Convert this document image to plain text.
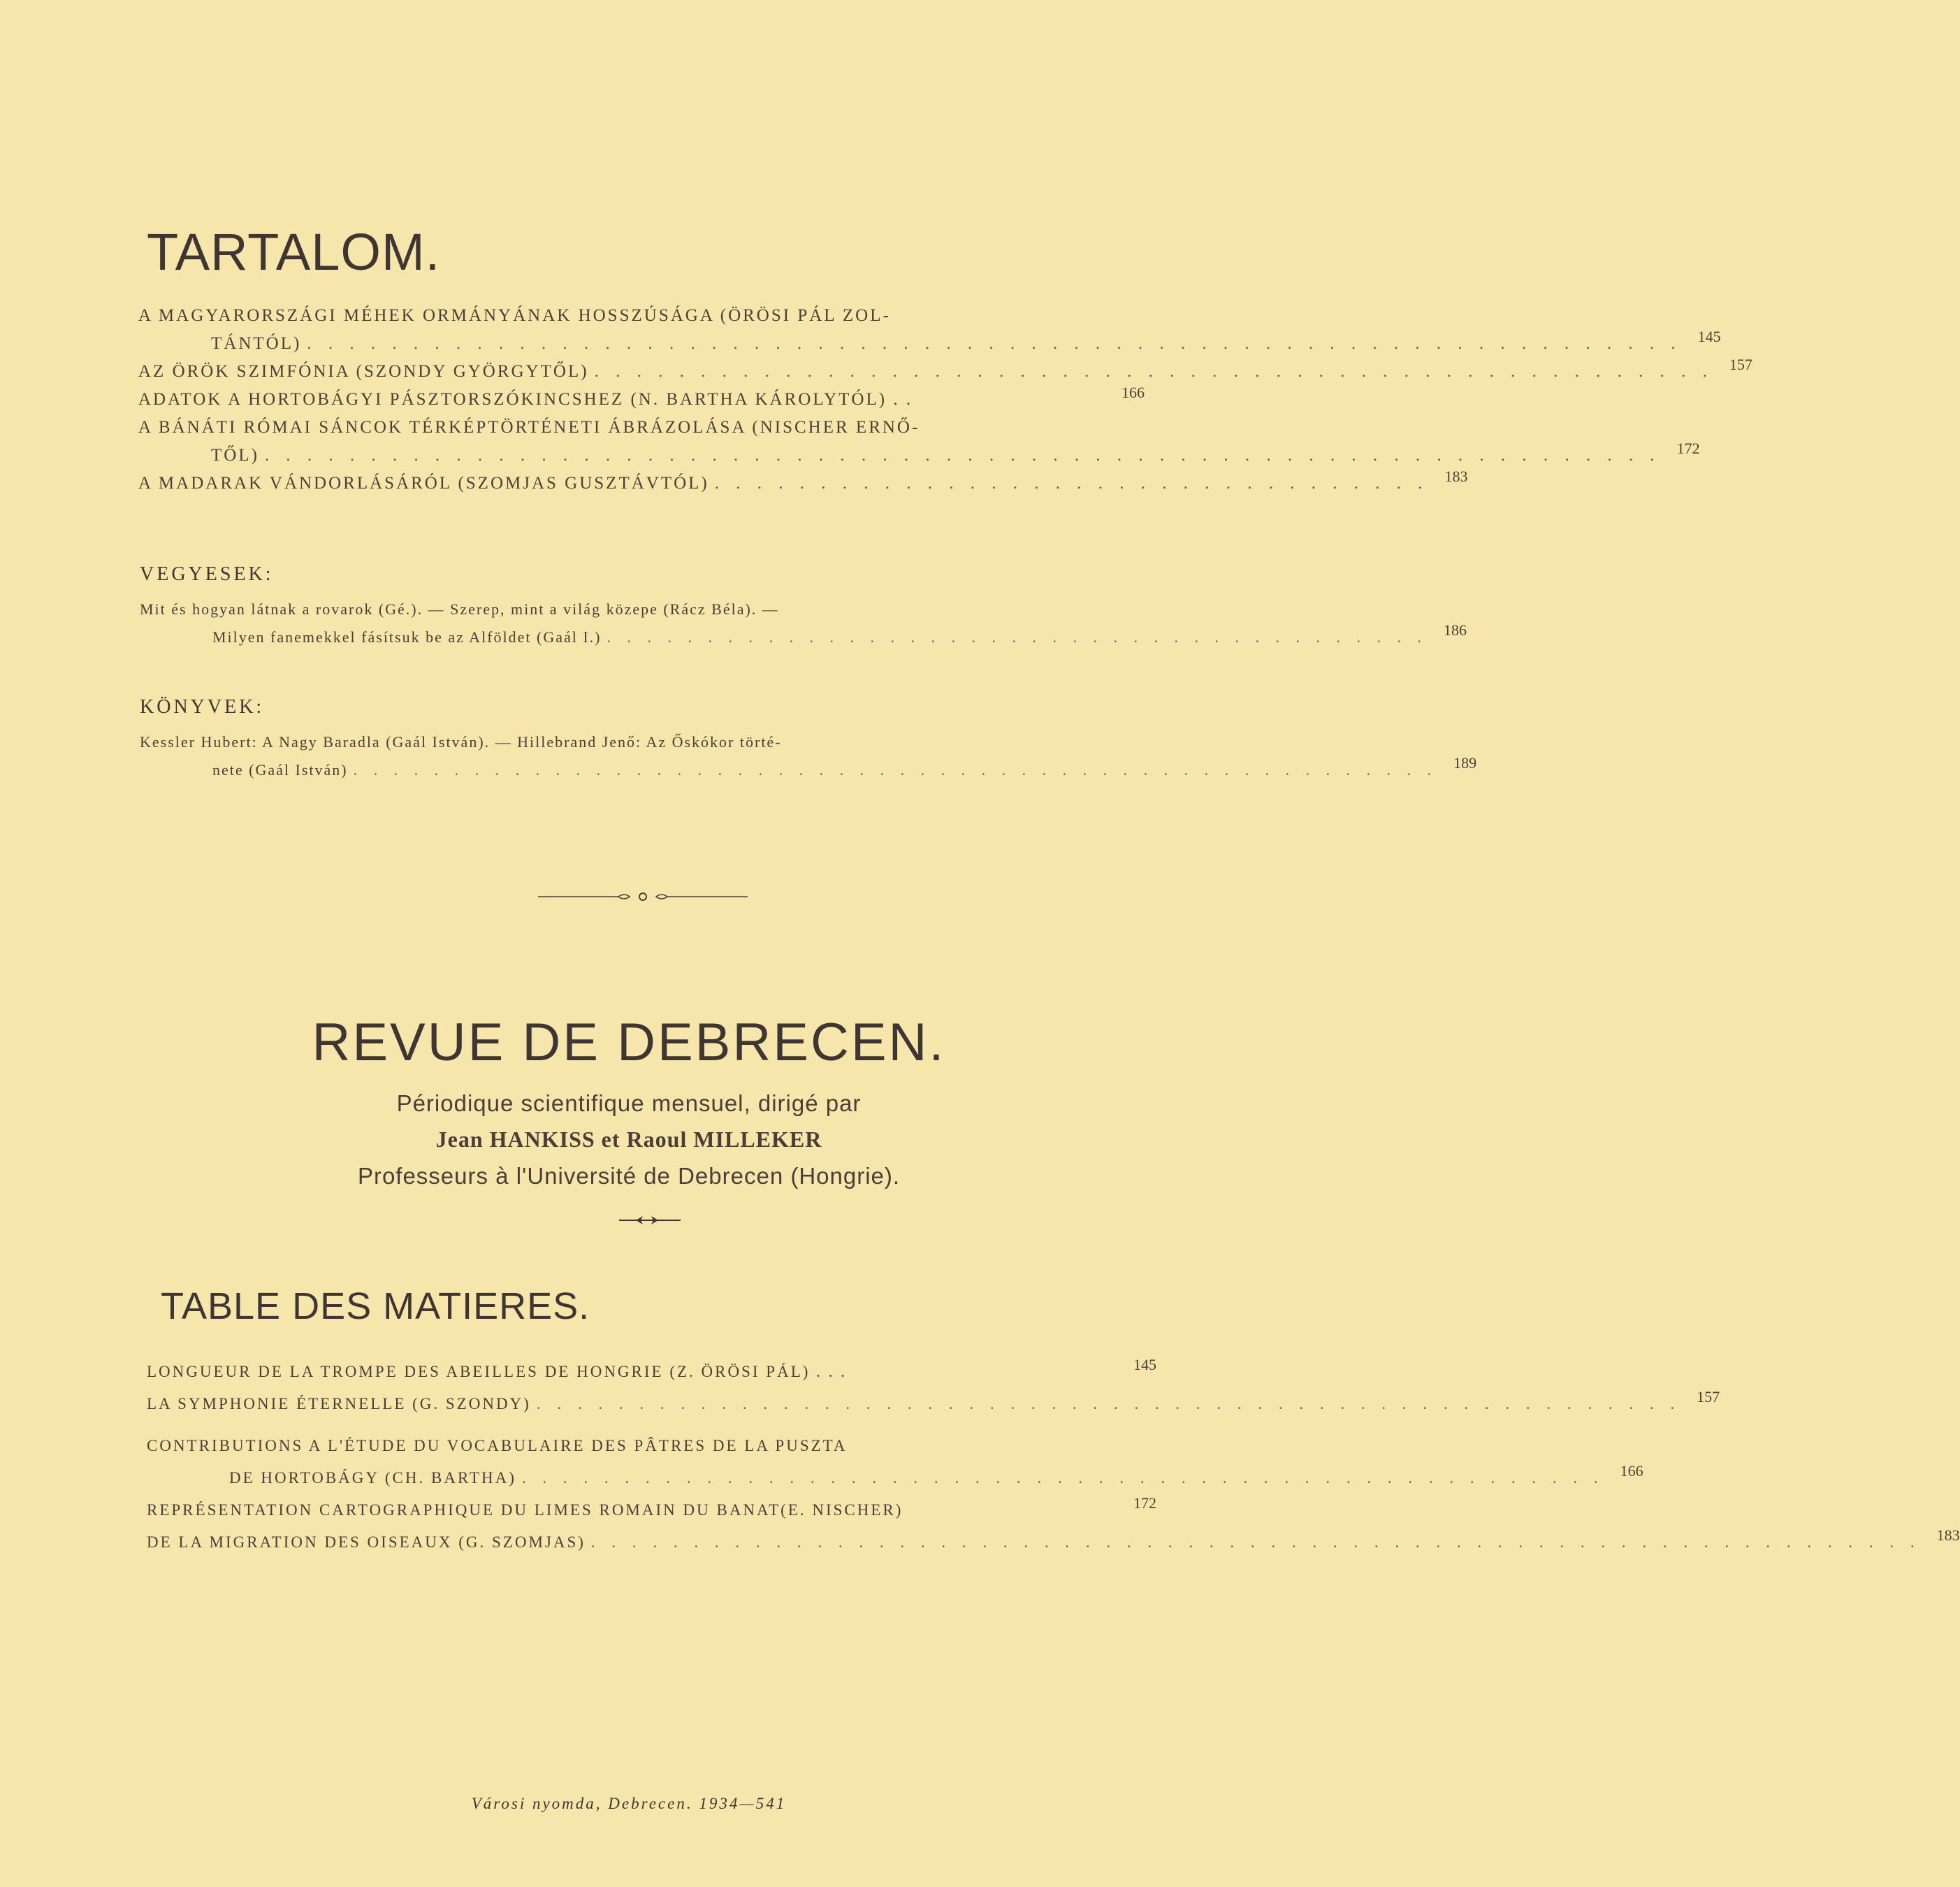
TARTALOM.
A MAGYARORSZÁGI MÉHEK ORMÁNYÁNAK HOSSZÚSÁGA (ÖRÖSI PÁL ZOL-
TÁNTÓL) . . . . . . . . . . . . . . . . . . . . . . . . . . . . . . . . . . . . . . . . . . . . . . . . . . . . . . . . . . . . . . . . .	145
AZ ÖRÖK SZIMFÓNIA (SZONDY GYÖRGYTŐL) . . . . . . . . . . . . . . . . . . . . . . . . . . . . . . . . . . . . . . . . . . . . . . . . . . . . .	157
ADATOK A HORTOBÁGYI PÁSZTORSZÓKINCSHEZ (N. BARTHA KÁROLYTÓL) . .	166
A BÁNÁTI RÓMAI SÁNCOK TÉRKÉPTÖRTÉNETI ÁBRÁZOLÁSA (NISCHER ERNŐ-
TŐL) . . . . . . . . . . . . . . . . . . . . . . . . . . . . . . . . . . . . . . . . . . . . . . . . . . . . . . . . . . . . . . . . . .	172
A MADARAK VÁNDORLÁSÁRÓL (SZOMJAS GUSZTÁVTÓL) . . . . . . . . . . . . . . . . . . . . . . . . . . . . . . . . . .	183
VEGYESEK:
Mit és hogyan látnak a rovarok (Gé.). — Szerep, mint a világ közepe (Rácz Béla). —
Milyen fanemekkel fásítsuk be az Alföldet (Gaál I.) . . . . . . . . . . . . . . . . . . . . . . . . . . . . . . . . . . . . . . . . .	186
KÖNYVEK:
Kessler Hubert: A Nagy Baradla (Gaál István). — Hillebrand Jenő: Az Őskókor törté-
nete (Gaál István) . . . . . . . . . . . . . . . . . . . . . . . . . . . . . . . . . . . . . . . . . . . . . . . . . . . . . .	189
REVUE DE DEBRECEN.
Périodique scientifique mensuel, dirigé par
Jean HANKISS et Raoul MILLEKER
Professeurs à l'Université de Debrecen (Hongrie).
TABLE DES MATIERES.
LONGUEUR DE LA TROMPE DES ABEILLES DE HONGRIE (Z. ÖRÖSI PÁL) . . .	145
LA SYMPHONIE ÉTERNELLE (G. SZONDY) . . . . . . . . . . . . . . . . . . . . . . . . . . . . . . . . . . . . . . . . . . . . . . . . . . . . . . . .	157
CONTRIBUTIONS A L'ÉTUDE DU VOCABULAIRE DES PÂTRES DE LA PUSZTA
DE HORTOBÁGY (CH. BARTHA) . . . . . . . . . . . . . . . . . . . . . . . . . . . . . . . . . . . . . . . . . . . . . . . . . . . . .	166
REPRÉSENTATION CARTOGRAPHIQUE DU LIMES ROMAIN DU BANAT(E. NISCHER)	172
DE LA MIGRATION DES OISEAUX (G. SZOMJAS) . . . . . . . . . . . . . . . . . . . . . . . . . . . . . . . . . . . . . . . . . . . . . . . . . . . . . . . . . . . . . . . . .	183
Városi nyomda, Debrecen. 1934—541
